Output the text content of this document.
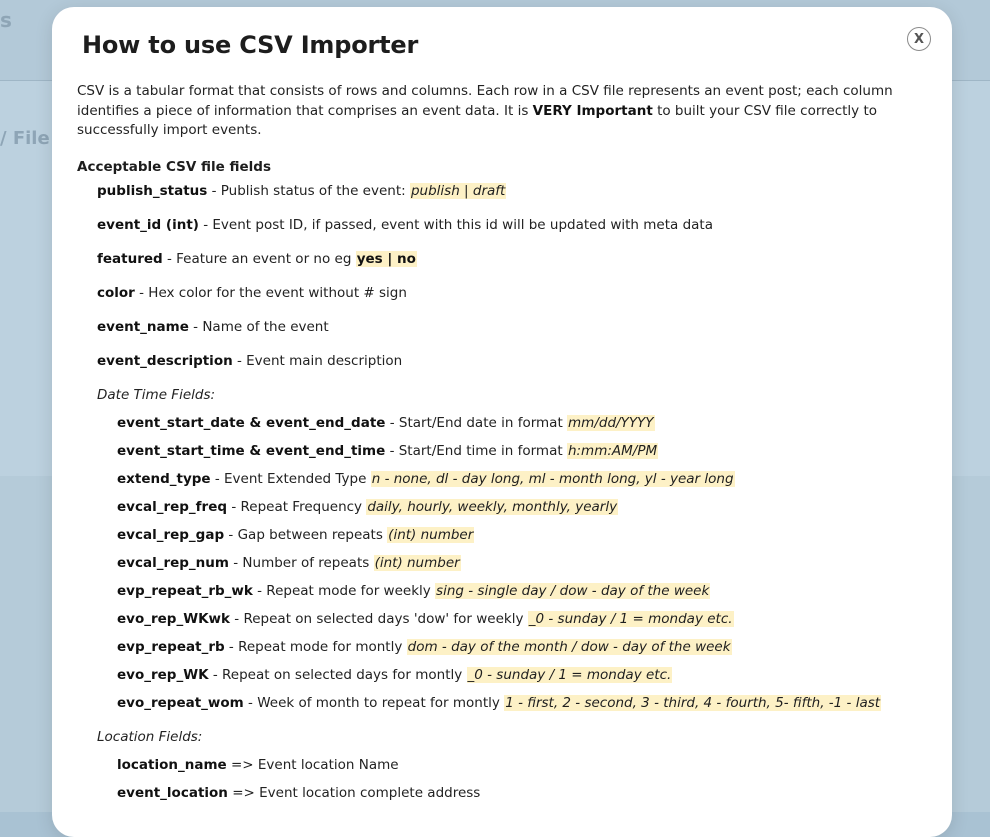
s
/ File
X
How to use CSV Importer

CSV is a tabular format that consists of rows and columns. Each row in a CSV file represents an event post; each column identifies a piece of information that comprises an event data. It is VERY Important to built your CSV file correctly to successfully import events.

Acceptable CSV file fields
publish_status - Publish status of the event: publish | draft
event_id (int) - Event post ID, if passed, event with this id will be updated with meta data
featured - Feature an event or no eg yes | no
color - Hex color for the event without # sign
event_name - Name of the event
event_description - Event main description
Date Time Fields:
event_start_date & event_end_date - Start/End date in format mm/dd/YYYY
event_start_time & event_end_time - Start/End time in format h:mm:AM/PM
extend_type - Event Extended Type n - none, dl - day long, ml - month long, yl - year long
evcal_rep_freq - Repeat Frequency daily, hourly, weekly, monthly, yearly
evcal_rep_gap - Gap between repeats (int) number
evcal_rep_num - Number of repeats (int) number
evp_repeat_rb_wk - Repeat mode for weekly sing - single day / dow - day of the week
evo_rep_WKwk - Repeat on selected days 'dow' for weekly _0 - sunday / 1 = monday etc.
evp_repeat_rb - Repeat mode for montly dom - day of the month / dow - day of the week
evo_rep_WK - Repeat on selected days for montly _0 - sunday / 1 = monday etc.
evo_repeat_wom - Week of month to repeat for montly 1 - first, 2 - second, 3 - third, 4 - fourth, 5- fifth, -1 - last
Location Fields:
location_name => Event location Name
event_location => Event location complete address
